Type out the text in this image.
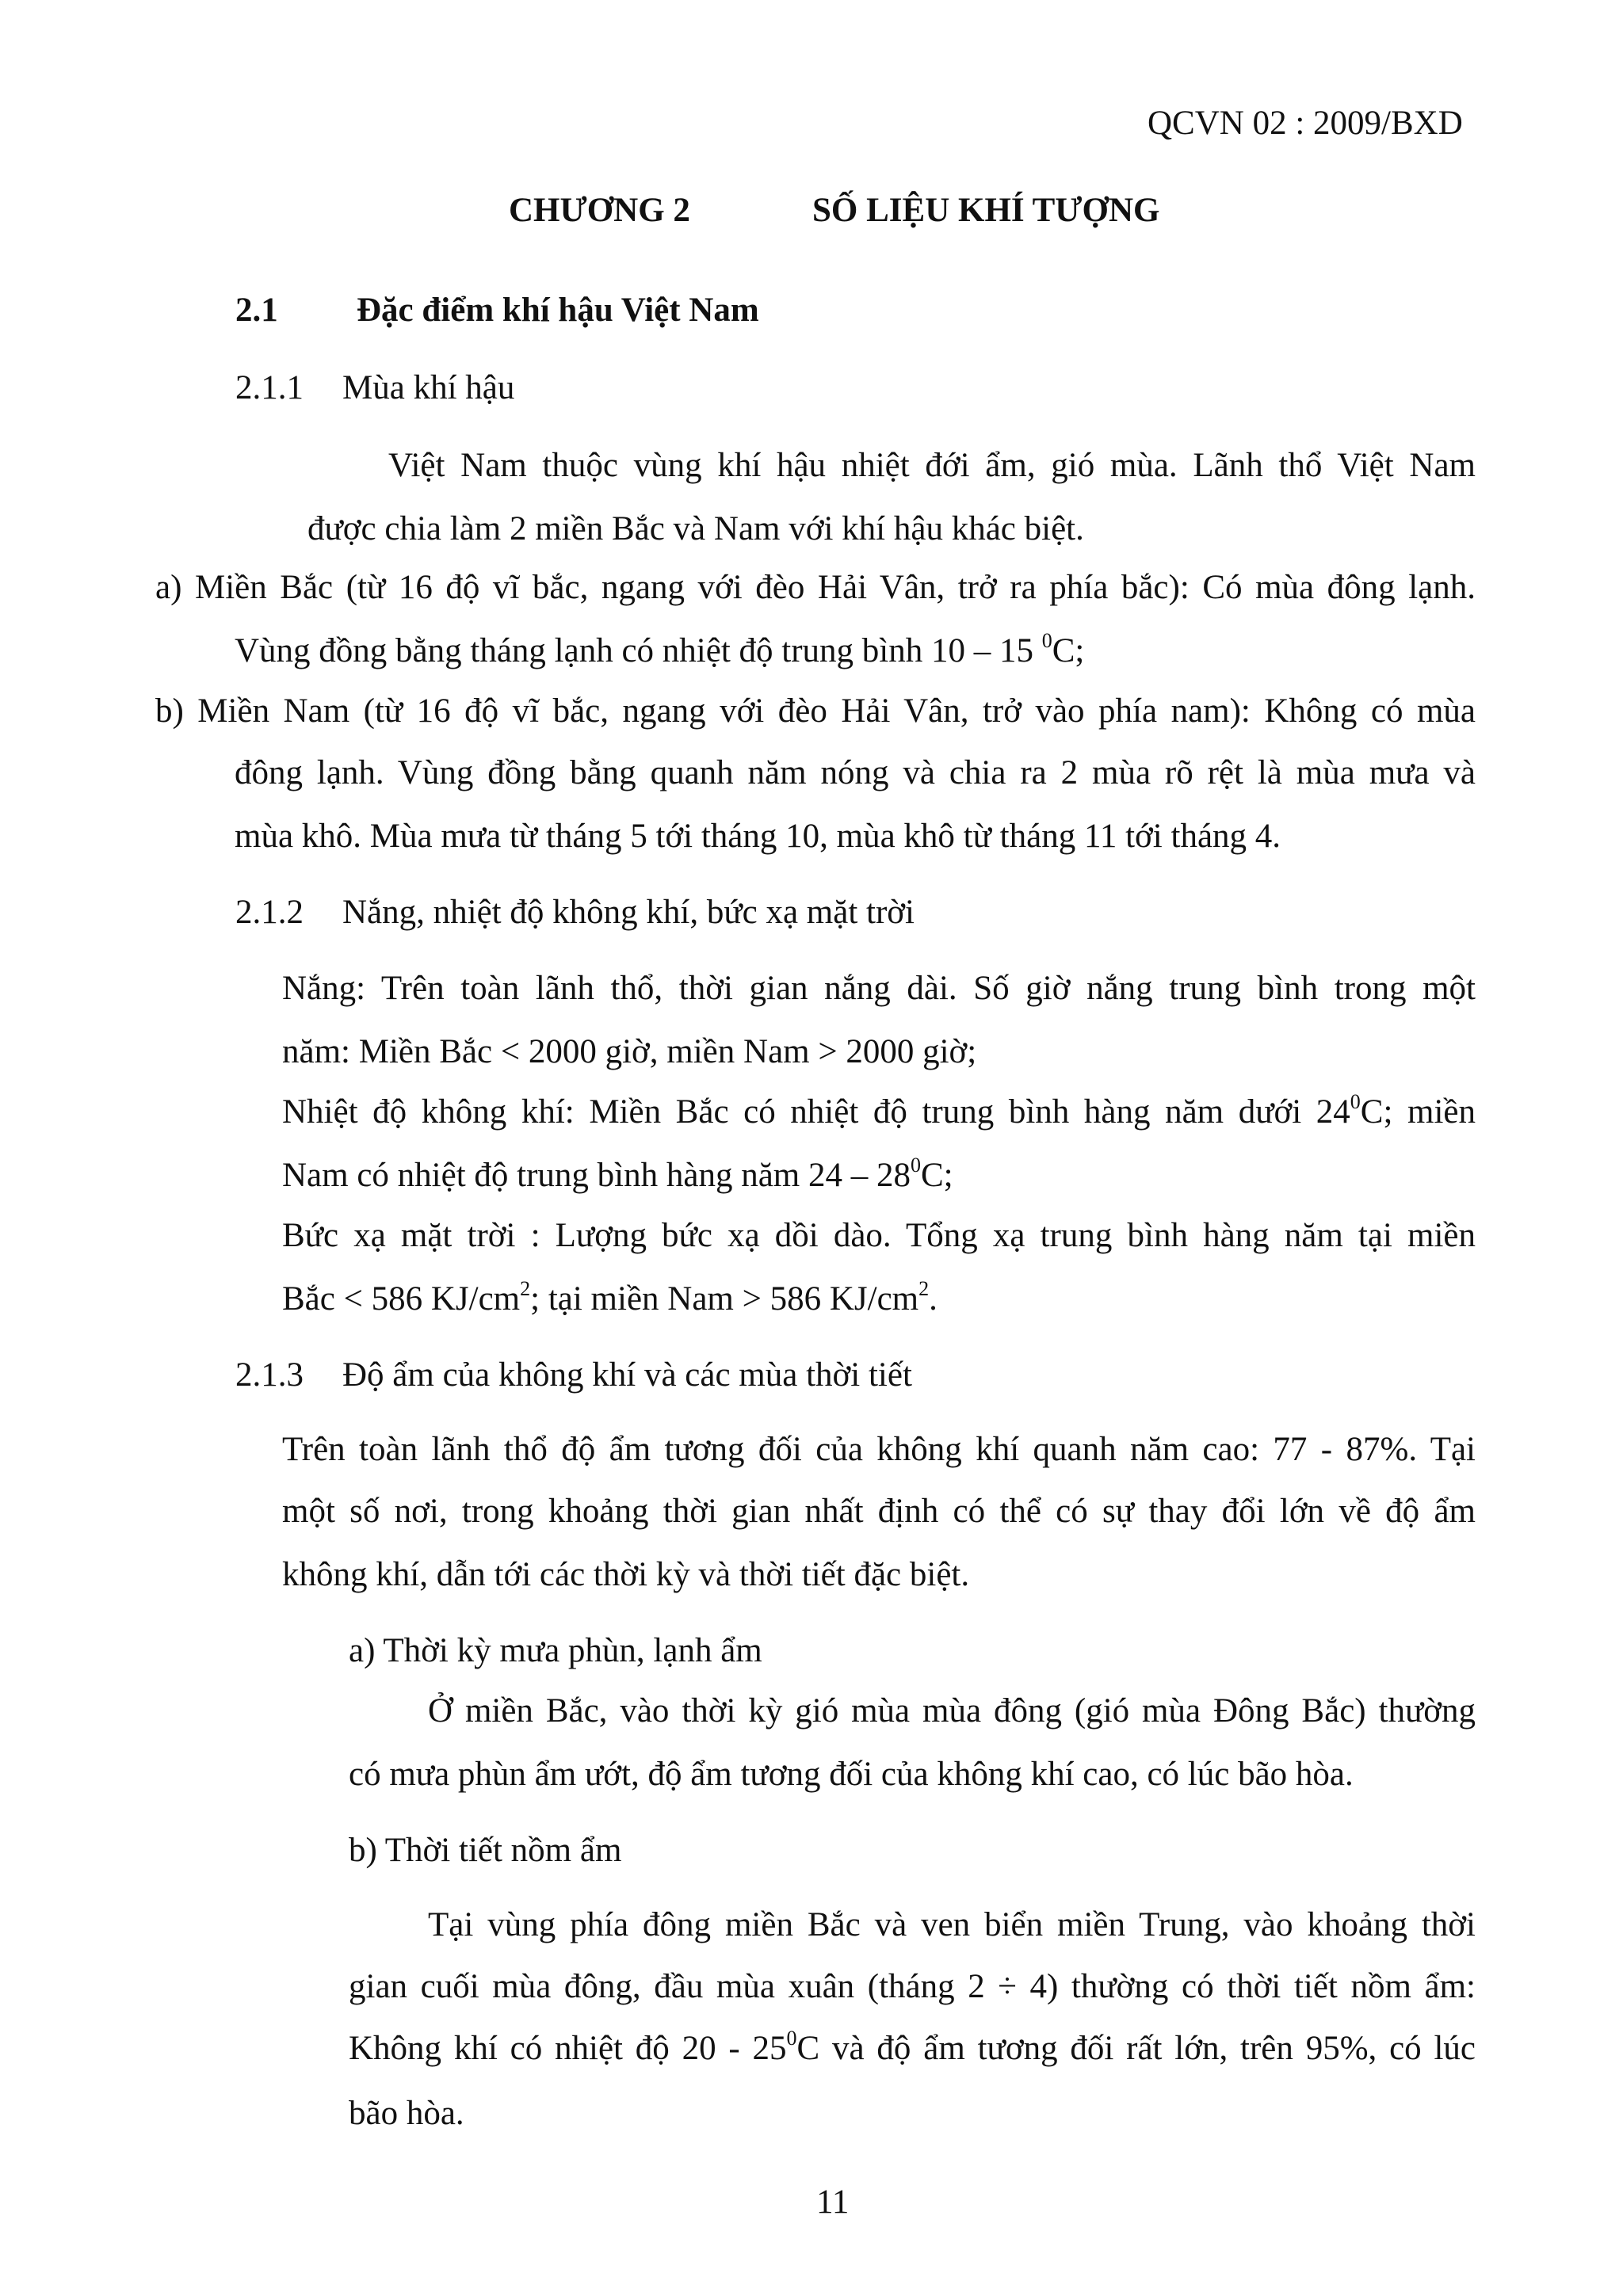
QCVN 02 : 2009/BXD
CHƯƠNG 2	SỐ LIỆU KHÍ TƯỢNG
2.1 Đặc điểm khí hậu Việt Nam
2.1.1 Mùa khí hậu
Việt Nam thuộc vùng khí hậu nhiệt đới ẩm, gió mùa. Lãnh thổ Việt Nam
được chia làm 2 miền Bắc và Nam với khí hậu khác biệt.
a) Miền Bắc (từ 16 độ vĩ bắc, ngang với đèo Hải Vân, trở ra phía bắc): Có mùa đông lạnh.
Vùng đồng bằng tháng lạnh có nhiệt độ trung bình 10 – 15 $^0$C;
b) Miền Nam (từ 16 độ vĩ bắc, ngang với đèo Hải Vân, trở vào phía nam): Không có mùa
đông lạnh. Vùng đồng bằng quanh năm nóng và chia ra 2 mùa rõ rệt là mùa mưa và
mùa khô. Mùa mưa từ tháng 5 tới tháng 10, mùa khô từ tháng 11 tới tháng 4.
2.1.2 Nắng, nhiệt độ không khí, bức xạ mặt trời
Nắng: Trên toàn lãnh thổ, thời gian nắng dài. Số giờ nắng trung bình trong một
năm: Miền Bắc < 2000 giờ, miền Nam > 2000 giờ;
Nhiệt độ không khí: Miền Bắc có nhiệt độ trung bình hàng năm dưới $24^0C$; miền
Nam có nhiệt độ trung bình hàng năm $24 - 28^0C$;
Bức xạ mặt trời : Lượng bức xạ dồi dào. Tổng xạ trung bình hàng năm tại miền
Bắc < 586 $KJ/cm^2$; tại miền Nam > 586 $KJ/cm^2$.
2.1.3 Độ ẩm của không khí và các mùa thời tiết
Trên toàn lãnh thổ độ ẩm tương đối của không khí quanh năm cao: 77 - 87%. Tại
một số nơi, trong khoảng thời gian nhất định có thể có sự thay đổi lớn về độ ẩm
không khí, dẫn tới các thời kỳ và thời tiết đặc biệt.
a) Thời kỳ mưa phùn, lạnh ẩm
Ở miền Bắc, vào thời kỳ gió mùa mùa đông (gió mùa Đông Bắc) thường
có mưa phùn ẩm ướt, độ ẩm tương đối của không khí cao, có lúc bão hòa.
b) Thời tiết nồm ẩm
Tại vùng phía đông miền Bắc và ven biển miền Trung, vào khoảng thời
gian cuối mùa đông, đầu mùa xuân (tháng 2 ÷ 4) thường có thời tiết nồm ẩm:
Không khí có nhiệt độ $20 - 25^0C$ và độ ẩm tương đối rất lớn, trên 95%, có lúc
bão hòa.
11
